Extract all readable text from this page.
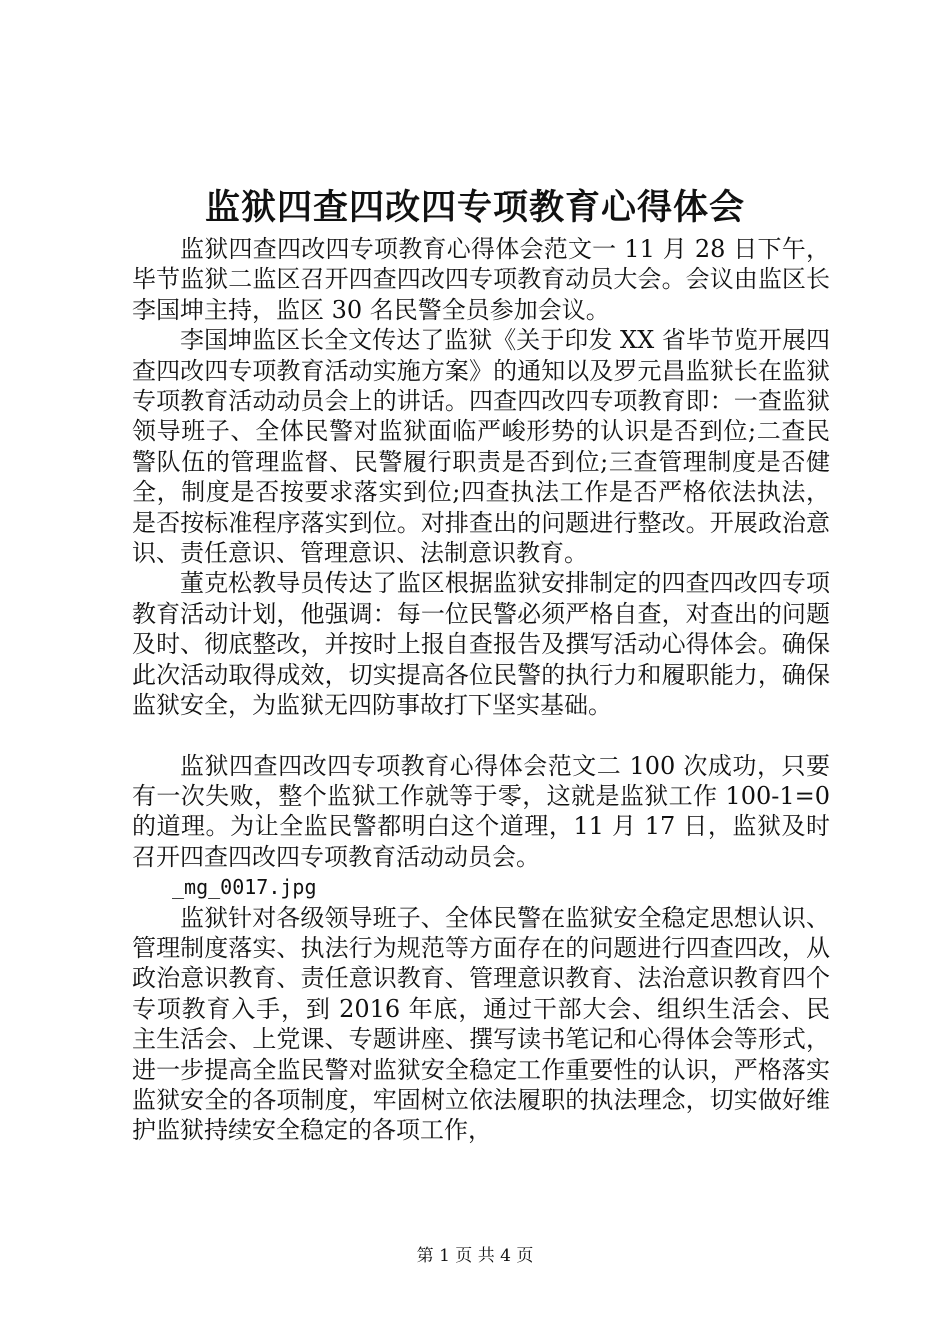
监狱四查四改四专项教育心得体会

监狱四查四改四专项教育心得体会范文一 11 月 28 日下午，毕节监狱二监区召开四查四改四专项教育动员大会。会议由监区长李国坤主持，监区 30 名民警全员参加会议。

李国坤监区长全文传达了监狱《关于印发 XX 省毕节览开展四查四改四专项教育活动实施方案》的通知以及罗元昌监狱长在监狱专项教育活动动员会上的讲话。四查四改四专项教育即：一查监狱领导班子、全体民警对监狱面临严峻形势的认识是否到位;二查民警队伍的管理监督、民警履行职责是否到位;三查管理制度是否健全，制度是否按要求落实到位;四查执法工作是否严格依法执法，是否按标准程序落实到位。对排查出的问题进行整改。开展政治意识、责任意识、管理意识、法制意识教育。

董克松教导员传达了监区根据监狱安排制定的四查四改四专项教育活动计划，他强调：每一位民警必须严格自查，对查出的问题及时、彻底整改，并按时上报自查报告及撰写活动心得体会。确保此次活动取得成效，切实提高各位民警的执行力和履职能力，确保监狱安全，为监狱无四防事故打下坚实基础。

监狱四查四改四专项教育心得体会范文二 100 次成功，只要有一次失败，整个监狱工作就等于零，这就是监狱工作 100-1=0 的道理。为让全监民警都明白这个道理，11 月 17 日，监狱及时召开四查四改四专项教育活动动员会。

_mg_0017.jpg

监狱针对各级领导班子、全体民警在监狱安全稳定思想认识、管理制度落实、执法行为规范等方面存在的问题进行四查四改，从政治意识教育、责任意识教育、管理意识教育、法治意识教育四个专项教育入手，到 2016 年底，通过干部大会、组织生活会、民主生活会、上党课、专题讲座、撰写读书笔记和心得体会等形式，进一步提高全监民警对监狱安全稳定工作重要性的认识，严格落实监狱安全的各项制度，牢固树立依法履职的执法理念，切实做好维护监狱持续安全稳定的各项工作，

第 1 页 共 4 页
